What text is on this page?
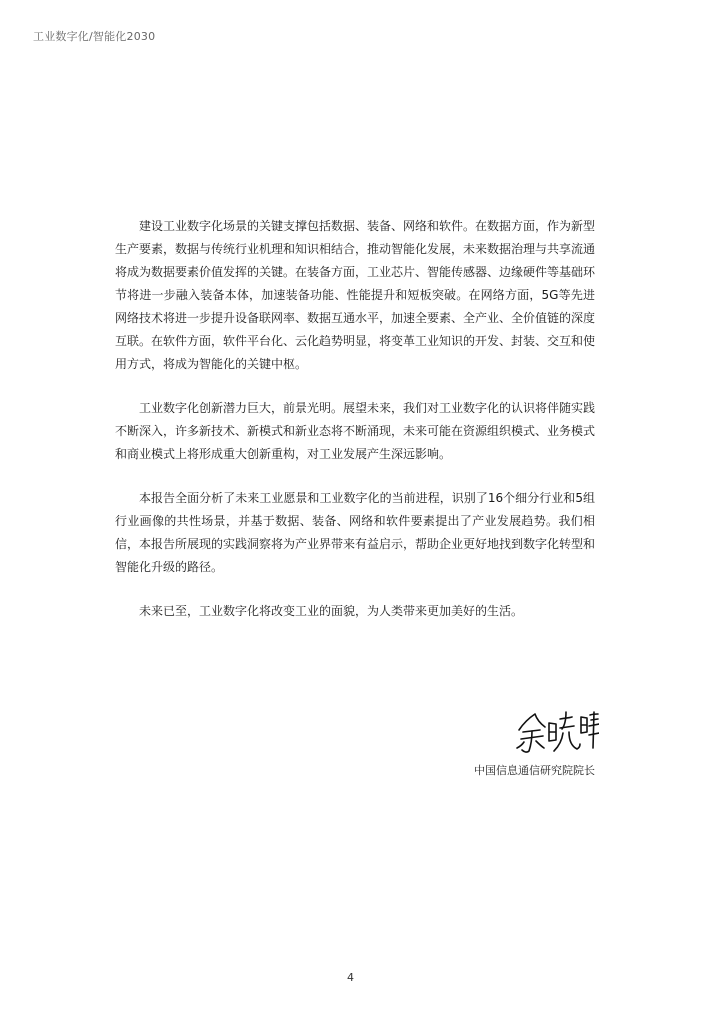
工业数字化/智能化2030

建设工业数字化场景的关键支撑包括数据、装备、网络和软件。在数据方面，作为新型生产要素，数据与传统行业机理和知识相结合，推动智能化发展，未来数据治理与共享流通将成为数据要素价值发挥的关键。在装备方面，工业芯片、智能传感器、边缘硬件等基础环节将进一步融入装备本体，加速装备功能、性能提升和短板突破。在网络方面，5G等先进网络技术将进一步提升设备联网率、数据互通水平，加速全要素、全产业、全价值链的深度互联。在软件方面，软件平台化、云化趋势明显，将变革工业知识的开发、封装、交互和使用方式，将成为智能化的关键中枢。

工业数字化创新潜力巨大，前景光明。展望未来，我们对工业数字化的认识将伴随实践不断深入，许多新技术、新模式和新业态将不断涌现，未来可能在资源组织模式、业务模式和商业模式上将形成重大创新重构，对工业发展产生深远影响。

本报告全面分析了未来工业愿景和工业数字化的当前进程，识别了16个细分行业和5组行业画像的共性场景，并基于数据、装备、网络和软件要素提出了产业发展趋势。我们相信，本报告所展现的实践洞察将为产业界带来有益启示，帮助企业更好地找到数字化转型和智能化升级的路径。

未来已至，工业数字化将改变工业的面貌，为人类带来更加美好的生活。

中国信息通信研究院院长
4
